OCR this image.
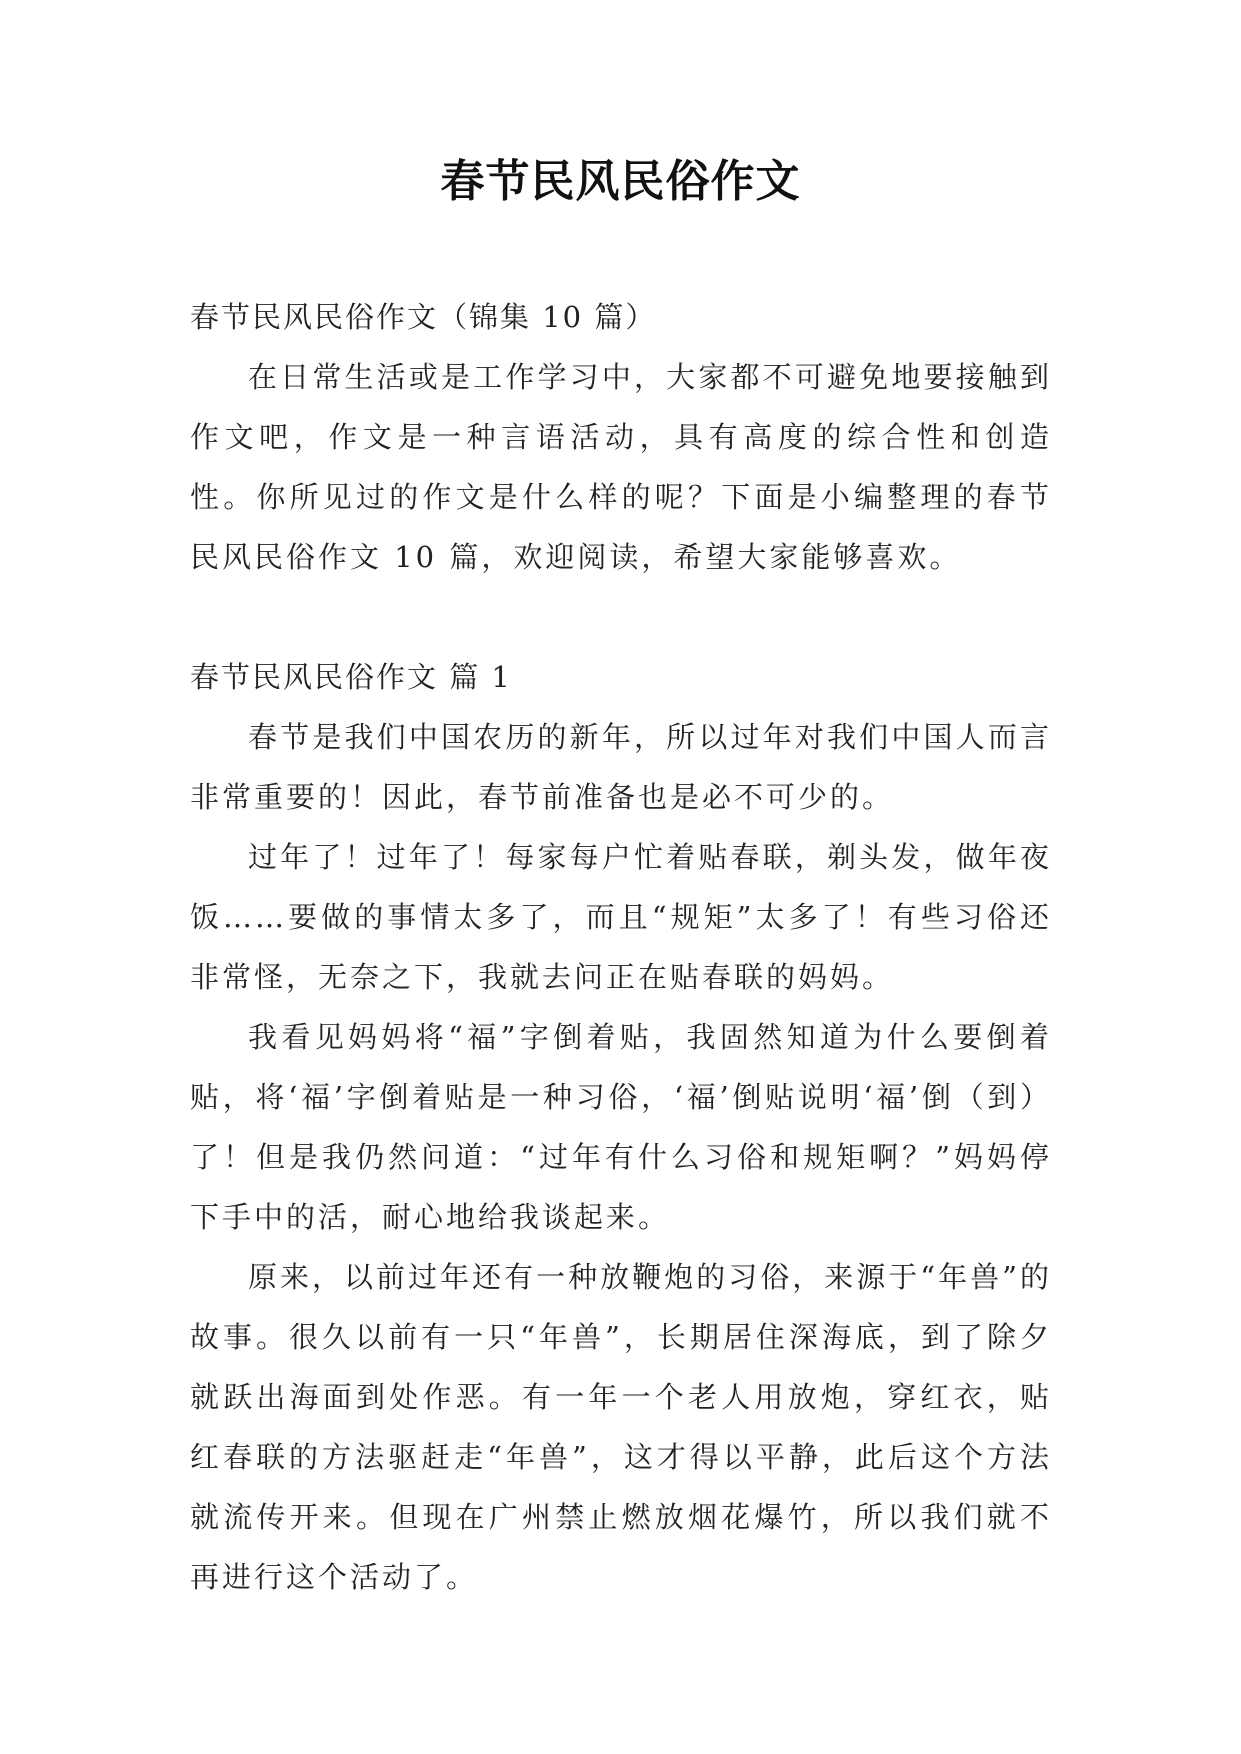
春节民风民俗作文

春节民风民俗作文（锦集 10 篇）

在日常生活或是工作学习中，大家都不可避免地要接触到作文吧，作文是一种言语活动，具有高度的综合性和创造性。你所见过的作文是什么样的呢？下面是小编整理的春节民风民俗作文 10 篇，欢迎阅读，希望大家能够喜欢。

春节民风民俗作文 篇 1

春节是我们中国农历的新年，所以过年对我们中国人而言非常重要的！因此，春节前准备也是必不可少的。

过年了！过年了！每家每户忙着贴春联，剃头发，做年夜饭……要做的事情太多了，而且“规矩”太多了！有些习俗还非常怪，无奈之下，我就去问正在贴春联的妈妈。

我看见妈妈将“福”字倒着贴，我固然知道为什么要倒着贴，将‘福’字倒着贴是一种习俗，‘福’倒贴说明‘福’倒（到）了！但是我仍然问道：“过年有什么习俗和规矩啊？”妈妈停下手中的活，耐心地给我谈起来。

原来，以前过年还有一种放鞭炮的习俗，来源于“年兽”的故事。很久以前有一只“年兽”，长期居住深海底，到了除夕就跃出海面到处作恶。有一年一个老人用放炮，穿红衣，贴红春联的方法驱赶走“年兽”，这才得以平静，此后这个方法就流传开来。但现在广州禁止燃放烟花爆竹，所以我们就不再进行这个活动了。
